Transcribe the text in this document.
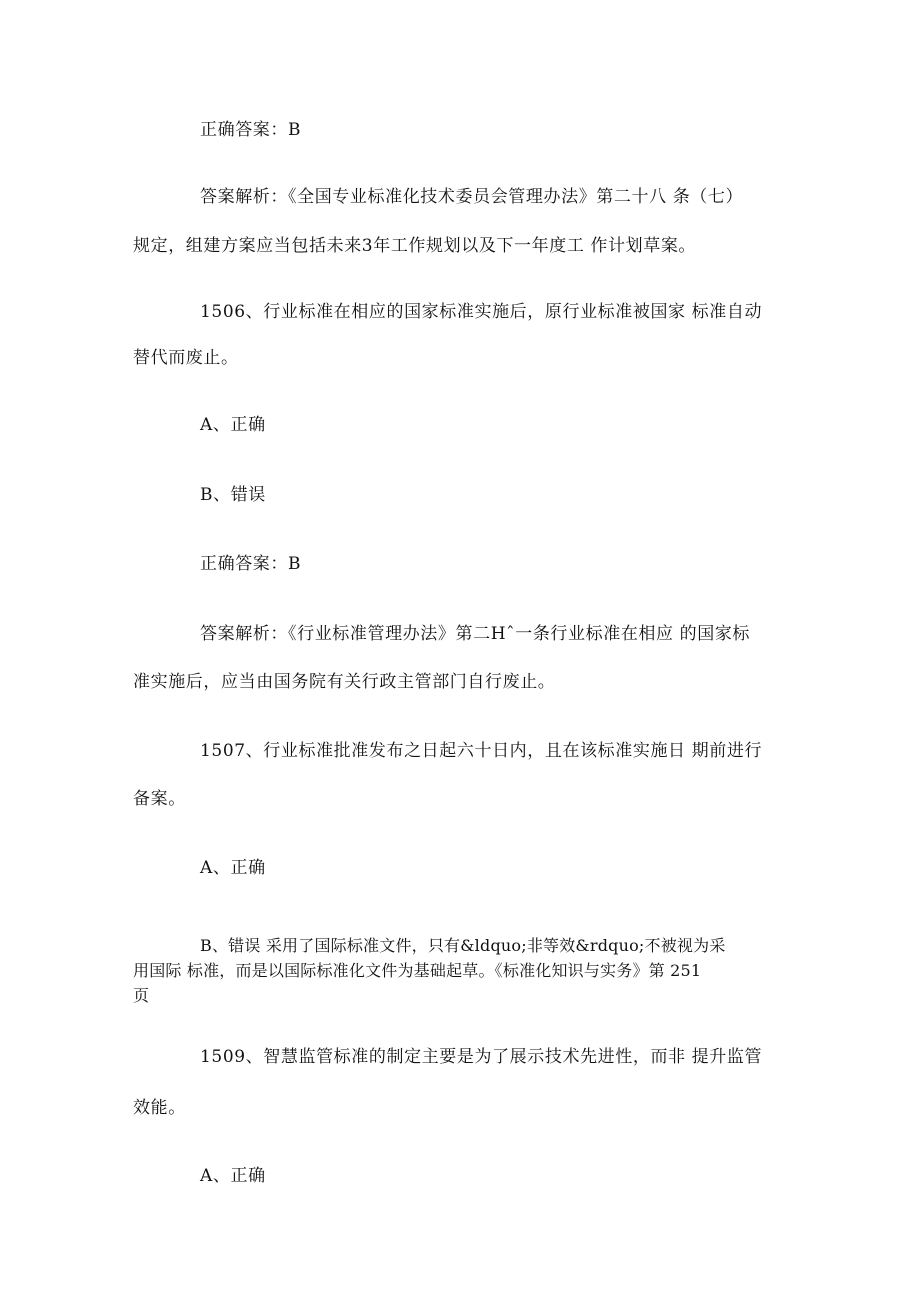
正确答案：B
答案解析：《全国专业标准化技术委员会管理办法》第二十八 条（七）
规定，组建方案应当包括未来3年工作规划以及下一年度工 作计划草案。
1506、行业标准在相应的国家标准实施后，原行业标准被国家 标准自动
替代而废止。
A、正确
B、错误
正确答案：B
答案解析：《行业标准管理办法》第二Hˆ一条行业标准在相应 的国家标
准实施后，应当由国务院有关行政主管部门自行废止。
1507、行业标准批准发布之日起六十日内，且在该标准实施日 期前进行
备案。
A、正确
B、错误 采用了国际标准文件，只有&ldquo;非等效&rdquo;不被视为采
用国际 标准，而是以国际标准化文件为基础起草。《标准化知识与实务》第 251
页
1509、智慧监管标准的制定主要是为了展示技术先进性，而非 提升监管
效能。
A、正确
